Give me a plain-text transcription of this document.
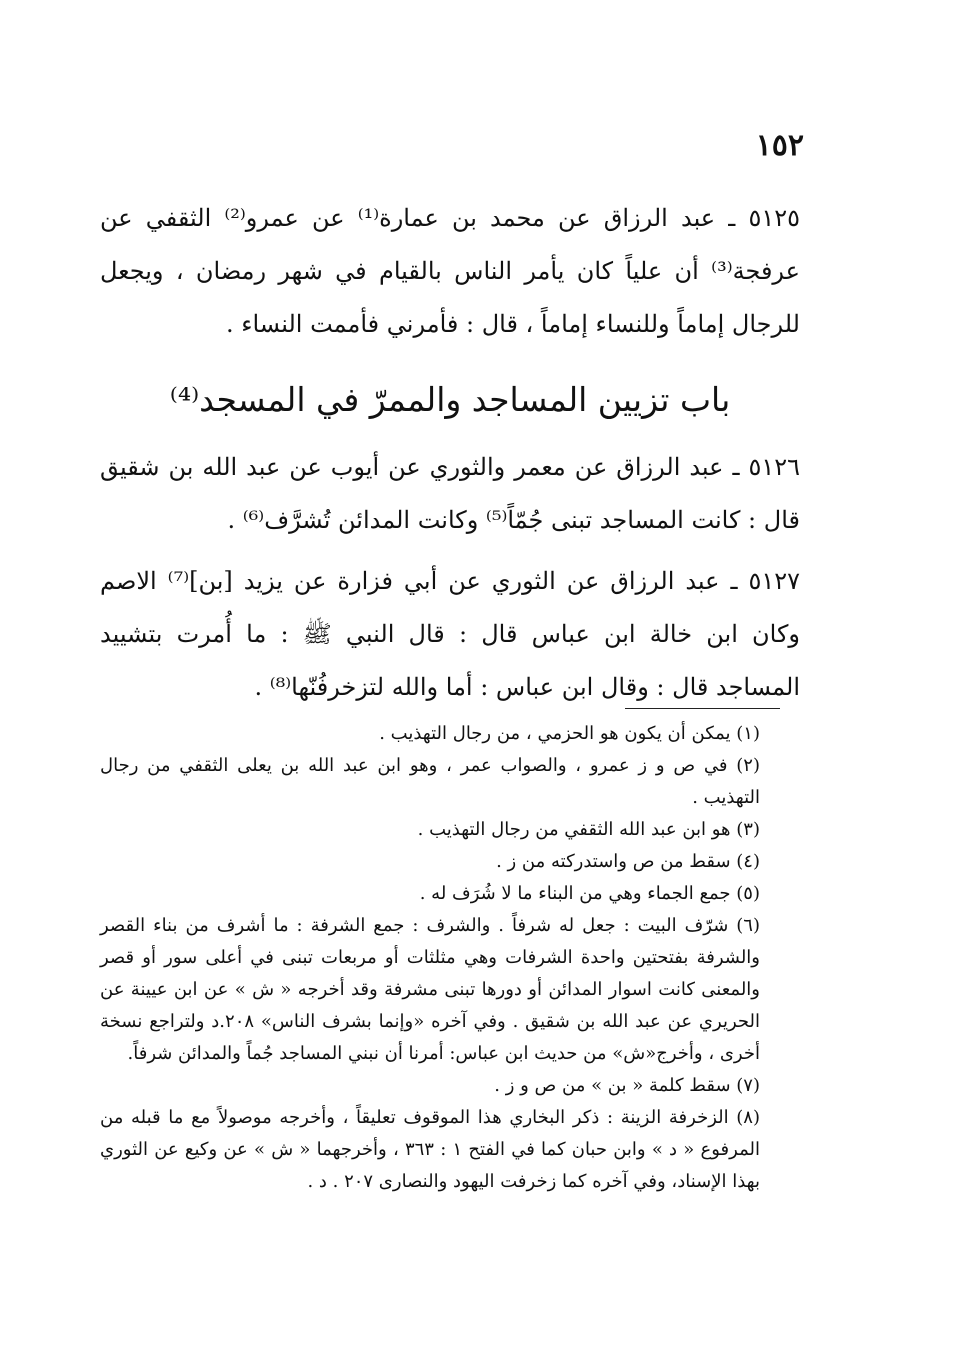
١٥٢

٥١٢٥ ـ عبد الرزاق عن محمد بن عمارة⁽¹⁾ عن عمرو⁽²⁾ الثقفي عن عرفجة⁽³⁾ أن علياً كان يأمر الناس بالقيام في شهر رمضان ، ويجعل للرجال إماماً وللنساء إماماً ، قال : فأمرني فأممت النساء .

باب تزيين المساجد والممرّ في المسجد⁽⁴⁾

٥١٢٦ ـ عبد الرزاق عن معمر والثوري عن أيوب عن عبد الله بن شقيق قال : كانت المساجد تبنى جُمّاً⁽⁵⁾ وكانت المدائن تُشرَّف⁽⁶⁾ .

٥١٢٧ ـ عبد الرزاق عن الثوري عن أبي فزارة عن يزيد [بن]⁽⁷⁾ الاصم وكان ابن خالة ابن عباس قال : قال النبي ﷺ : ما أُمرت بتشييد المساجد قال : وقال ابن عباس : أما والله لتزخرفُنّها⁽⁸⁾ .

(١) يمكن أن يكون هو الحزمي ، من رجال التهذيب .

(٢) في ص و ز عمرو ، والصواب عمر ، وهو ابن عبد الله بن يعلى الثقفي من رجال التهذيب .

(٣) هو ابن عبد الله الثقفي من رجال التهذيب .

(٤) سقط من ص واستدركته من ز .

(٥) جمع الجماء وهي من البناء ما لا شُرَف له .

(٦) شرّف البيت : جعل له شرفاً . والشرف : جمع الشرفة : ما أشرف من بناء القصر والشرفة بفتحتين واحدة الشرفات وهي مثلثات أو مربعات تبنى في أعلى سور أو قصر والمعنى كانت اسوار المدائن أو دورها تبنى مشرفة وقد أخرجه « ش » عن ابن عيينة عن الحريري عن عبد الله بن شقيق . وفي آخره «وإنما بشرف الناس» ٢٠٨.د ولتراجع نسخة أخرى ، وأخرج«ش» من حديث ابن عباس: أمرنا أن نبني المساجد جُماً والمدائن شرفاً.

(٧) سقط كلمة « بن » من ص و ز .

(٨) الزخرفة الزينة : ذكر البخاري هذا الموقوف تعليقاً ، وأخرجه موصولاً مع ما قبله من المرفوع « د » وابن حبان كما في الفتح ١ : ٣٦٣ ، وأخرجهما « ش » عن وكيع عن الثوري بهذا الإسناد، وفي آخره كما زخرفت اليهود والنصارى ٢٠٧ . د .
